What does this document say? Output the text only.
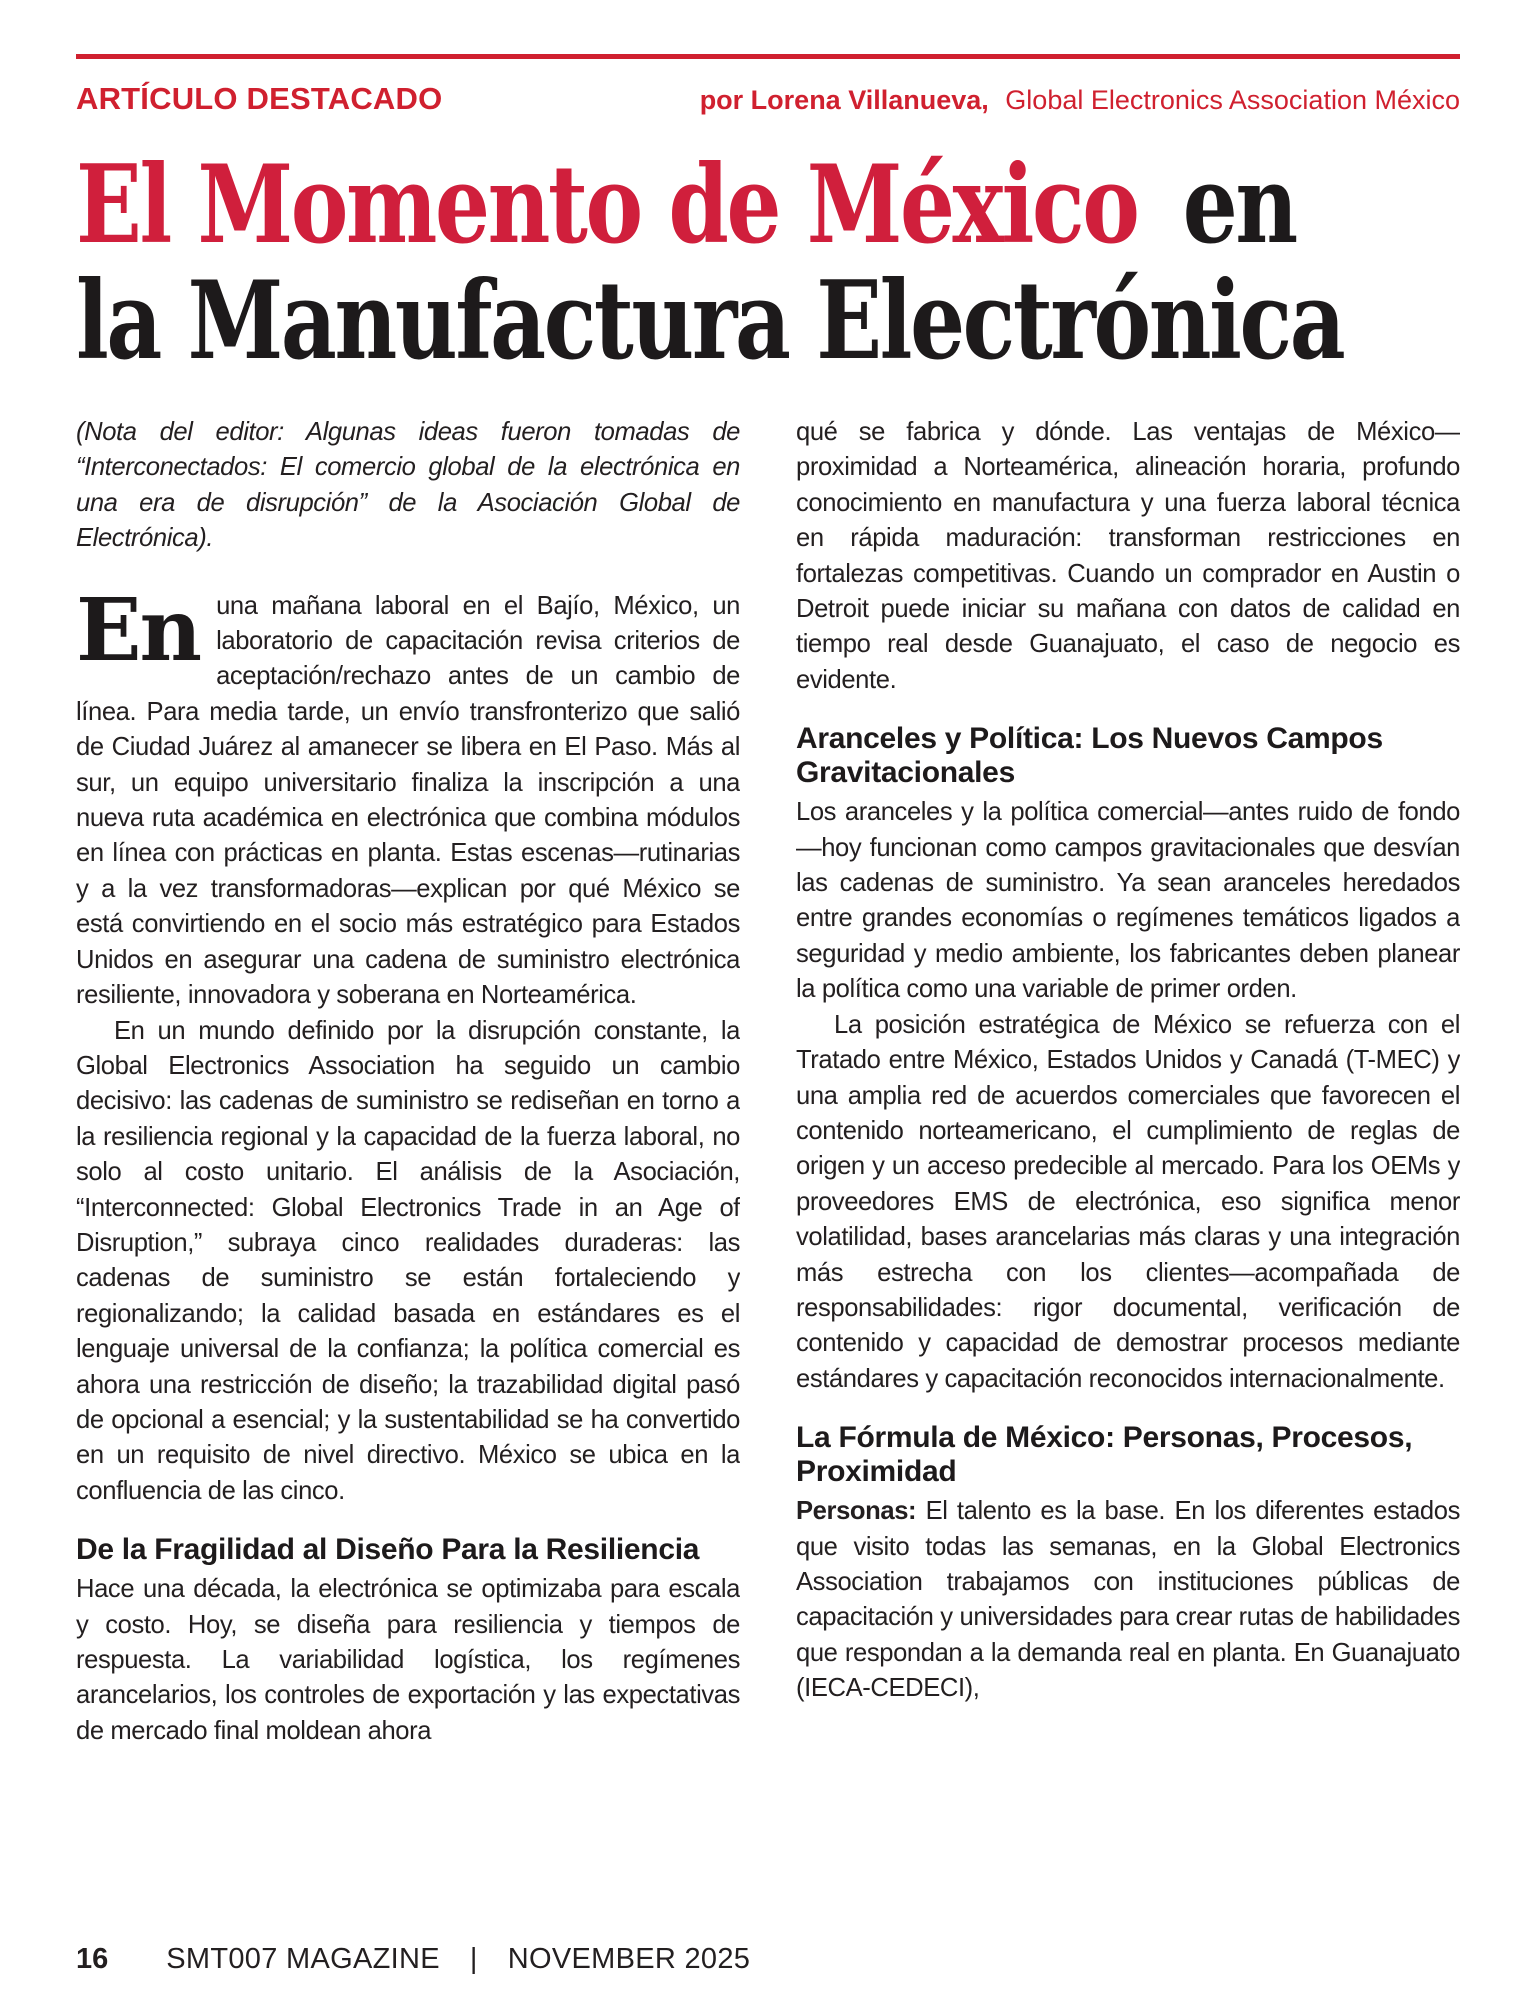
ARTÍCULO DESTACADO	por Lorena Villanueva, Global Electronics Association México
El Momento de México en
la Manufactura Electrónica

(Nota del editor: Algunas ideas fueron tomadas de “Interconectados: El comercio global de la electrónica en una era de disrupción” de la Asociación Global de Electrónica).

En una mañana laboral en el Bajío, México, un laboratorio de capacitación revisa criterios de aceptación/rechazo antes de un cambio de línea. Para media tarde, un envío transfronterizo que salió de Ciudad Juárez al amanecer se libera en El Paso. Más al sur, un equipo universitario finaliza la inscripción a una nueva ruta académica en electrónica que combina módulos en línea con prácticas en planta. Estas escenas—rutinarias y a la vez transformadoras—explican por qué México se está convirtiendo en el socio más estratégico para Estados Unidos en asegurar una cadena de suministro electrónica resiliente, innovadora y soberana en Norteamérica.

En un mundo definido por la disrupción constante, la Global Electronics Association ha seguido un cambio decisivo: las cadenas de suministro se rediseñan en torno a la resiliencia regional y la capacidad de la fuerza laboral, no solo al costo unitario. El análisis de la Asociación, “Interconnected: Global Electronics Trade in an Age of Disruption,” subraya cinco realidades duraderas: las cadenas de suministro se están fortaleciendo y regionalizando; la calidad basada en estándares es el lenguaje universal de la confianza; la política comercial es ahora una restricción de diseño; la trazabilidad digital pasó de opcional a esencial; y la sustentabilidad se ha convertido en un requisito de nivel directivo. México se ubica en la confluencia de las cinco.

De la Fragilidad al Diseño Para la Resiliencia

Hace una década, la electrónica se optimizaba para escala y costo. Hoy, se diseña para resiliencia y tiempos de respuesta. La variabilidad logística, los regímenes arancelarios, los controles de exportación y las expectativas de mercado final moldean ahora

qué se fabrica y dónde. Las ventajas de México—proximidad a Norteamérica, alineación horaria, profundo conocimiento en manufactura y una fuerza laboral técnica en rápida maduración: transforman restricciones en fortalezas competitivas. Cuando un comprador en Austin o Detroit puede iniciar su mañana con datos de calidad en tiempo real desde Guanajuato, el caso de negocio es evidente.

Aranceles y Política: Los Nuevos Campos Gravitacionales

Los aranceles y la política comercial—antes ruido de fondo—hoy funcionan como campos gravitacionales que desvían las cadenas de suministro. Ya sean aranceles heredados entre grandes economías o regímenes temáticos ligados a seguridad y medio ambiente, los fabricantes deben planear la política como una variable de primer orden.

La posición estratégica de México se refuerza con el Tratado entre México, Estados Unidos y Canadá (T-MEC) y una amplia red de acuerdos comerciales que favorecen el contenido norteamericano, el cumplimiento de reglas de origen y un acceso predecible al mercado. Para los OEMs y proveedores EMS de electrónica, eso significa menor volatilidad, bases arancelarias más claras y una integración más estrecha con los clientes—acompañada de responsabilidades: rigor documental, verificación de contenido y capacidad de demostrar procesos mediante estándares y capacitación reconocidos internacionalmente.

La Fórmula de México: Personas, Procesos, Proximidad

Personas: El talento es la base. En los diferentes estados que visito todas las semanas, en la Global Electronics Association trabajamos con instituciones públicas de capacitación y universidades para crear rutas de habilidades que respondan a la demanda real en planta. En Guanajuato (IECA-CEDECI),

16 SMT007 MAGAZINE | NOVEMBER 2025
